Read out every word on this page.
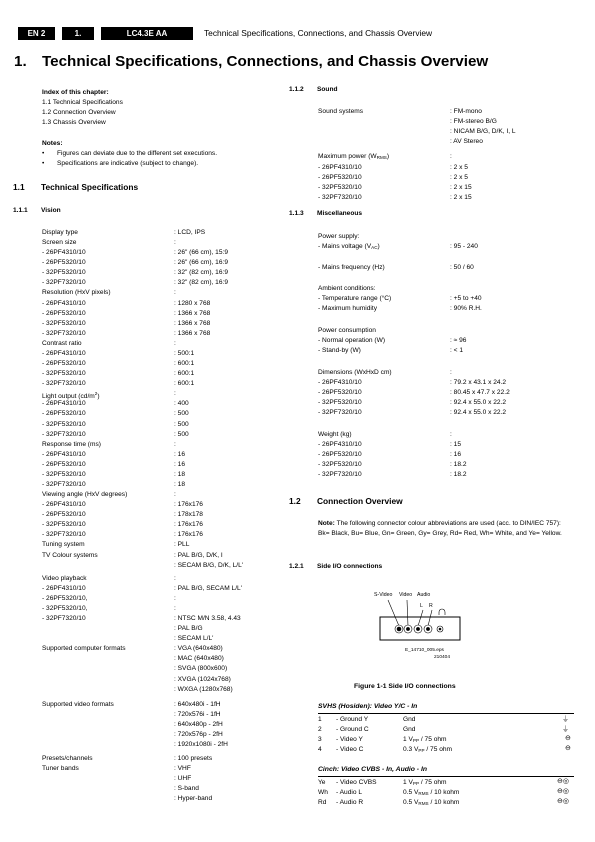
EN 2	1.	LC4.3E AA	Technical Specifications, Connections, and Chassis Overview
1. Technical Specifications, Connections, and Chassis Overview
Index of this chapter:
1.1 Technical Specifications
1.2 Connection Overview
1.3 Chassis Overview
Notes:
• Figures can deviate due to the different set executions.
• Specifications are indicative (subject to change).
1.1 Technical Specifications
1.1.1 Vision
Display type	: LCD, IPS
Screen size	:
- 26PF4310/10	: 26" (66 cm), 15:9
- 26PF5320/10	: 26" (66 cm), 16:9
- 32PF5320/10	: 32" (82 cm), 16:9
- 32PF7320/10	: 32" (82 cm), 16:9
Resolution (HxV pixels)	:
- 26PF4310/10	: 1280 x 768
- 26PF5320/10	: 1366 x 768
- 32PF5320/10	: 1366 x 768
- 32PF7320/10	: 1366 x 768
Contrast ratio	:
- 26PF4310/10	: 500:1
- 26PF5320/10	: 600:1
- 32PF5320/10	: 600:1
- 32PF7320/10	: 600:1
Light output $(cd/m^2)$	:
- 26PF4310/10	: 400
- 26PF5320/10	: 500
- 32PF5320/10	: 500
- 32PF7320/10	: 500
Response time (ms)	:
- 26PF4310/10	: 16
- 26PF5320/10	: 16
- 32PF5320/10	: 18
- 32PF7320/10	: 18
Viewing angle (HxV degrees)	:
- 26PF4310/10	: 176x176
- 26PF5320/10	: 178x178
- 32PF5320/10	: 176x176
- 32PF7320/10	: 176x176
Tuning system	: PLL
TV Colour systems	: PAL B/G, D/K, I
: SECAM B/G, D/K, L/L'
Video playback	:
- 26PF4310/10	: PAL B/G, SECAM L/L'
- 26PF5320/10,	:
- 32PF5320/10,	:
- 32PF7320/10	: NTSC M/N 3.58, 4.43
: PAL B/G
: SECAM L/L'
Supported computer formats	: VGA (640x480)
: MAC (640x480)
: SVGA (800x600)
: XVGA (1024x768)
: WXGA (1280x768)
Supported video formats	: 640x480i - 1fH
: 720x576i - 1fH
: 640x480p - 2fH
: 720x576p - 2fH
: 1920x1080i - 2fH
Presets/channels	: 100 presets
Tuner bands	: VHF
: UHF
: S-band
: Hyper-band
1.1.2 Sound
Sound systems	: FM-mono
: FM-stereo B/G
: NICAM B/G, D/K, I, L
: AV Stereo
Maximum power $(W_{RMS})$	:
- 26PF4310/10	: 2 x 5
- 26PF5320/10	: 2 x 5
- 32PF5320/10	: 2 x 15
- 32PF7320/10	: 2 x 15
1.1.3 Miscellaneous
Power supply:
- Mains voltage $(V_{AC})$	: 95 - 240
- Mains frequency (Hz)	: 50 / 60
Ambient conditions:
- Temperature range (°C)	: +5 to +40
- Maximum humidity	: 90% R.H.
Power consumption
- Normal operation (W)	: ≈ 96
- Stand-by (W)	: < 1
Dimensions (WxHxD cm)	:
- 26PF4310/10	: 79.2 x 43.1 x 24.2
- 26PF5320/10	: 80.45 x 47.7 x 22.2
- 32PF5320/10	: 92.4 x 55.0 x 22.2
- 32PF7320/10	: 92.4 x 55.0 x 22.2
Weight (kg)	:
- 26PF4310/10	: 15
- 26PF5320/10	: 16
- 32PF5320/10	: 18.2
- 32PF7320/10	: 18.2
1.2 Connection Overview
Note: The following connector colour abbreviations are used (acc. to DIN/IEC 757): Bk= Black, Bu= Blue, Gn= Green, Gy= Grey, Rd= Red, Wh= White, and Ye= Yellow.
1.2.1 Side I/O connections
S-Video Video Audio
L R
E_14710_005.eps
210404
Figure 1-1 Side I/O connections
SVHS (Hosiden): Video Y/C - In
1 - Ground Y	Gnd	⏚
2 - Ground C	Gnd	⏚
3 - Video Y	1 $V_{PP} / 75$ ohm	⊖
4 - Video C	0.3 $V_{PP} / 75$ ohm	⊖
Cinch: Video CVBS - In, Audio - In
Ye - Video CVBS	1 $V_{PP} / 75$ ohm	⊖◎
Wh - Audio L	0.5 $V_{RMS} / 10$ kohm	⊖◎
Rd - Audio R	0.5 $V_{RMS} / 10$ kohm	⊖◎
